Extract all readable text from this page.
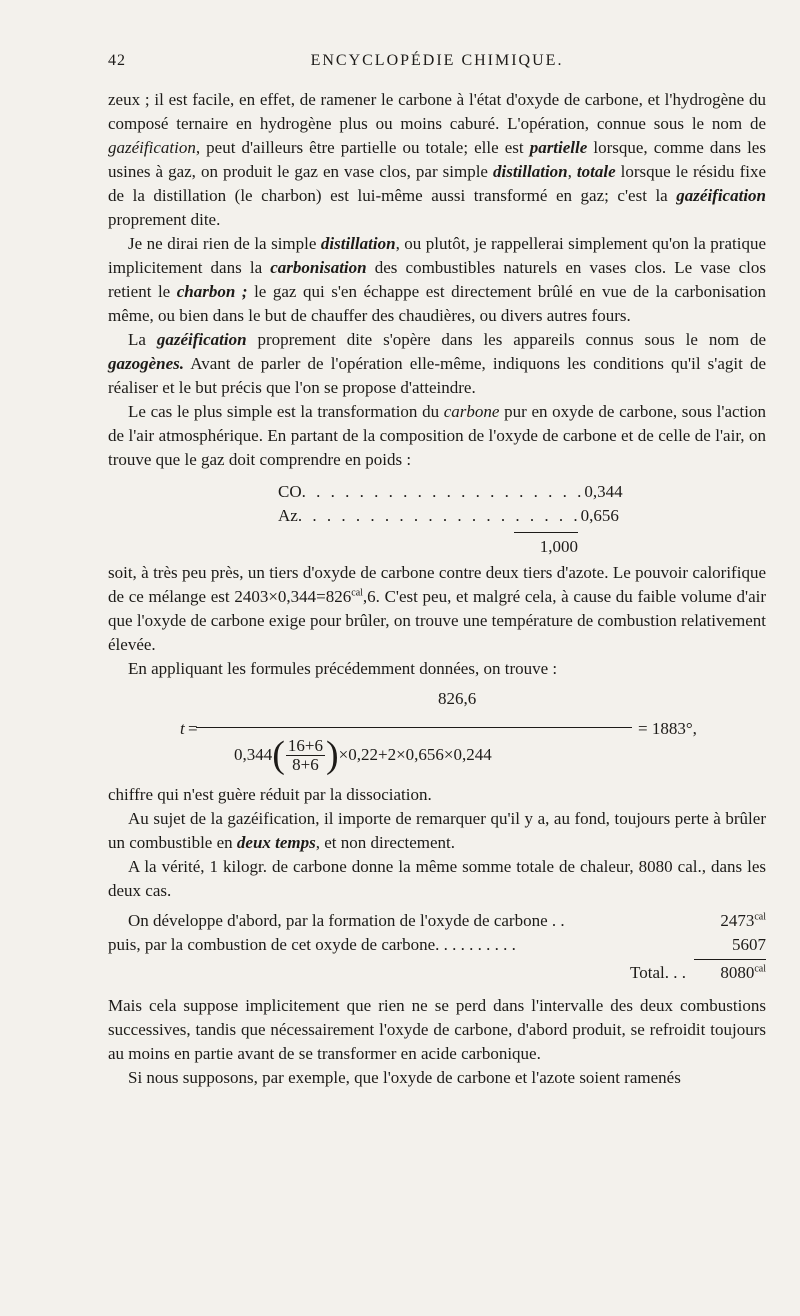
42	ENCYCLOPÉDIE CHIMIQUE.

zeux ; il est facile, en effet, de ramener le carbone à l'état d'oxyde de carbone, et l'hydrogène du composé ternaire en hydrogène plus ou moins caburé. L'opération, connue sous le nom de gazéification, peut d'ailleurs être partielle ou totale; elle est partielle lorsque, comme dans les usines à gaz, on produit le gaz en vase clos, par simple distillation, totale lorsque le résidu fixe de la distillation (le charbon) est lui-même aussi transformé en gaz; c'est la gazéification proprement dite.

Je ne dirai rien de la simple distillation, ou plutôt, je rappellerai simplement qu'on la pratique implicitement dans la carbonisation des combustibles naturels en vases clos. Le vase clos retient le charbon ; le gaz qui s'en échappe est directement brûlé en vue de la carbonisation même, ou bien dans le but de chauffer des chaudières, ou divers autres fours.

La gazéification proprement dite s'opère dans les appareils connus sous le nom de gazogènes. Avant de parler de l'opération elle-même, indiquons les conditions qu'il s'agit de réaliser et le but précis que l'on se propose d'atteindre.

Le cas le plus simple est la transformation du carbone pur en oxyde de carbone, sous l'action de l'air atmosphérique. En partant de la composition de l'oxyde de carbone et de celle de l'air, on trouve que le gaz doit comprendre en poids :

CO . . . . . . . . . . . . . . . . . . . . 0,344
Az . . . . . . . . . . . . . . . . . . . . 0,656
1,000

soit, à très peu près, un tiers d'oxyde de carbone contre deux tiers d'azote. Le pouvoir calorifique de ce mélange est $2403\times 0,344=826^{cal},6$. C'est peu, et malgré cela, à cause du faible volume d'air que l'oxyde de carbone exige pour brûler, on trouve une température de combustion relativement élevée.

En appliquant les formules précédemment données, on trouve :

t =
826,6
= 1883°,
0,344 ( $\frac{16+6}{8+6}$ ) ×0,22+2×0,656×0,244

chiffre qui n'est guère réduit par la dissociation.

Au sujet de la gazéification, il importe de remarquer qu'il y a, au fond, toujours perte à brûler un combustible en deux temps, et non directement.

A la vérité, 1 kilogr. de carbone donne la même somme totale de chaleur, 8080 cal., dans les deux cas.

On développe d'abord, par la formation de l'oxyde de carbone . .	$2473^{cal}$
puis, par la combustion de cet oxyde de carbone. . . . . . . . . .	5607
Total. . .	$8080^{cal}$

Mais cela suppose implicitement que rien ne se perd dans l'intervalle des deux combustions successives, tandis que nécessairement l'oxyde de carbone, d'abord produit, se refroidit toujours au moins en partie avant de se transformer en acide carbonique.

Si nous supposons, par exemple, que l'oxyde de carbone et l'azote soient ramenés
